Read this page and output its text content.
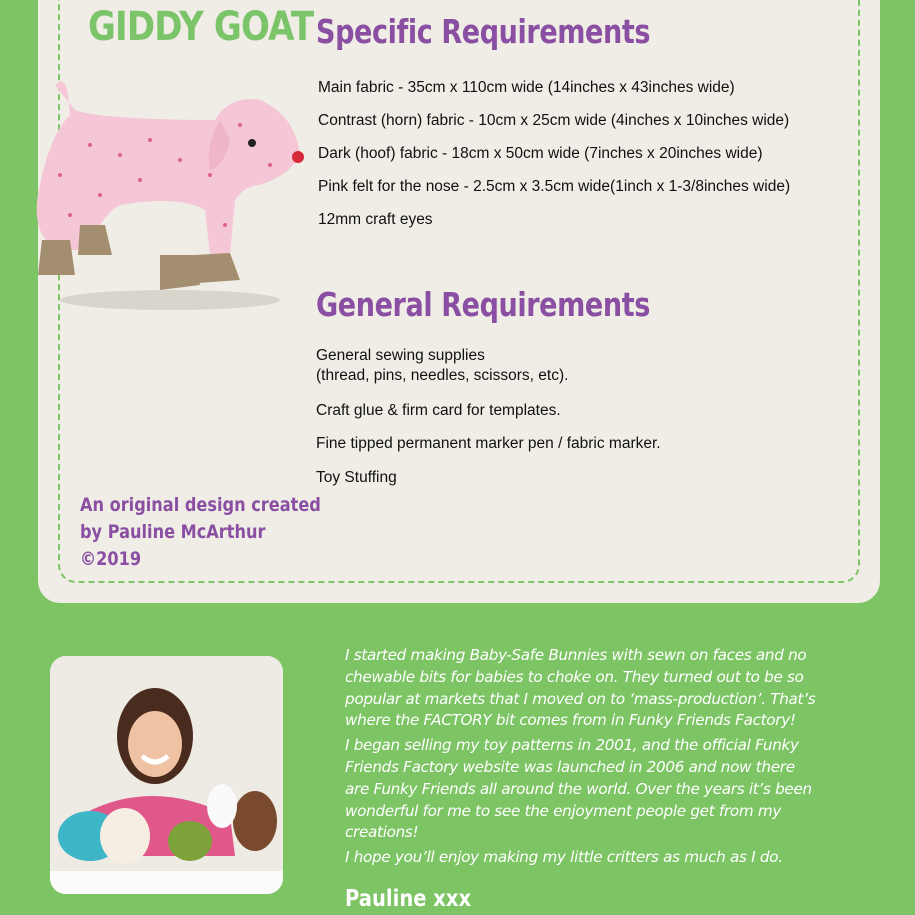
GIDDY GOAT Specific Requirements
Main fabric - 35cm x 110cm wide (14inches x 43inches wide)
Contrast (horn) fabric - 10cm x 25cm wide (4inches x 10inches wide)
Dark (hoof) fabric - 18cm x 50cm wide (7inches x 20inches wide)
Pink felt for the nose - 2.5cm x 3.5cm wide(1inch x 1-3/8inches wide)
12mm craft eyes
General Requirements
General sewing supplies
(thread, pins, needles, scissors, etc).
Craft glue & firm card for templates.
Fine tipped permanent marker pen / fabric marker.
Toy Stuffing
An original design created
by Pauline McArthur
©2019

I started making Baby-Safe Bunnies with sewn on faces and no
chewable bits for babies to choke on. They turned out to be so
popular at markets that I moved on to ‘mass-production’. That’s
where the FACTORY bit comes from in Funky Friends Factory!

I began selling my toy patterns in 2001, and the official Funky
Friends Factory website was launched in 2006 and now there
are Funky Friends all around the world. Over the years it’s been
wonderful for me to see the enjoyment people get from my
creations!

I hope you’ll enjoy making my little critters as much as I do.

Pauline xxx
